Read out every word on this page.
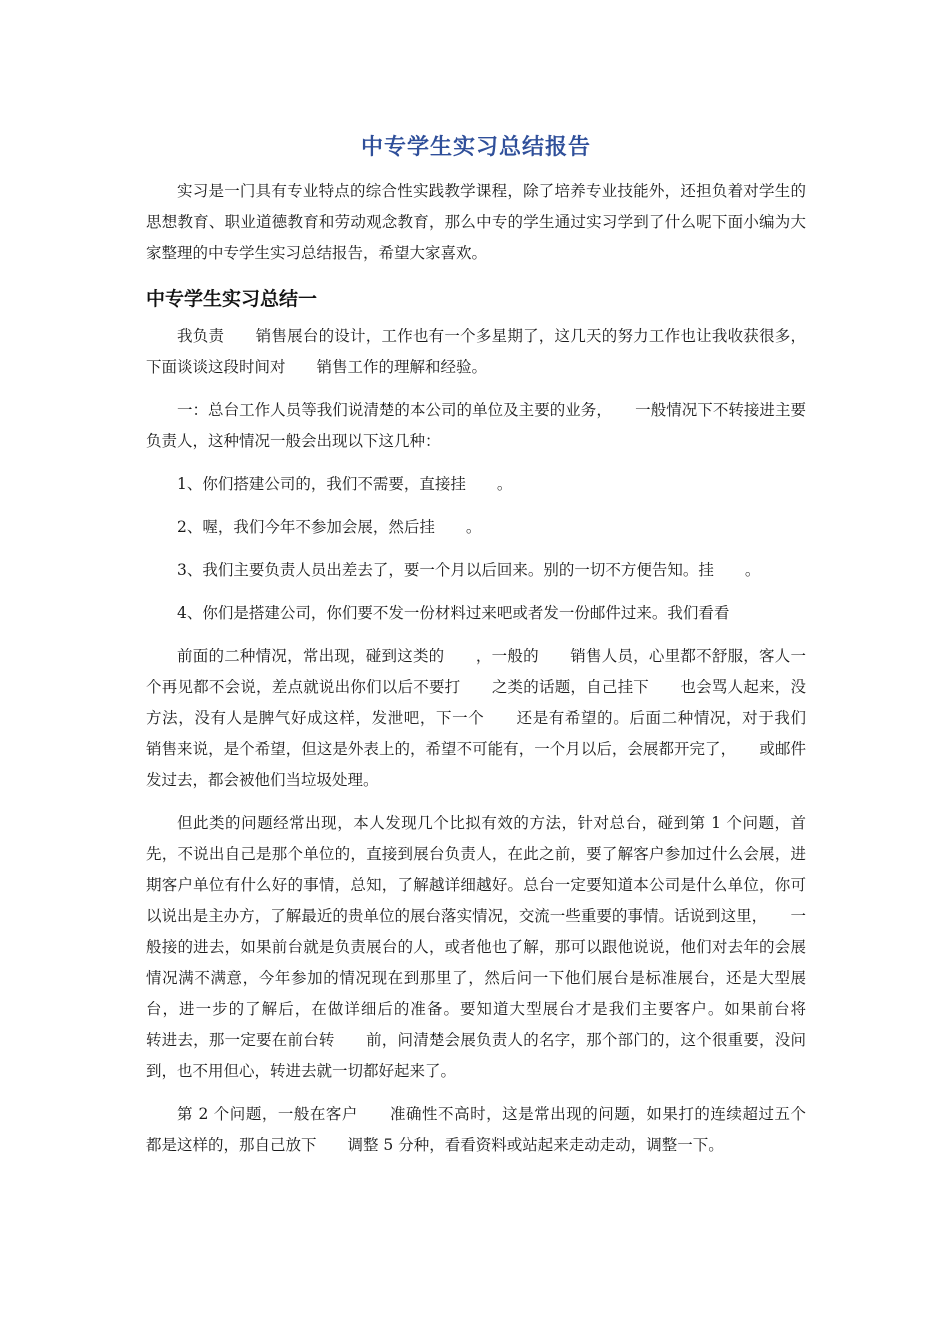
中专学生实习总结报告

实习是一门具有专业特点的综合性实践教学课程，除了培养专业技能外，还担负着对学生的思想教育、职业道德教育和劳动观念教育，那么中专的学生通过实习学到了什么呢下面小编为大家整理的中专学生实习总结报告，希望大家喜欢。

中专学生实习总结一

我负责　　销售展台的设计，工作也有一个多星期了，这几天的努力工作也让我收获很多，下面谈谈这段时间对　　销售工作的理解和经验。

一：总台工作人员等我们说清楚的本公司的单位及主要的业务，　　一般情况下不转接进主要负责人，这种情况一般会出现以下这几种：

1、你们搭建公司的，我们不需要，直接挂　　。

2、喔，我们今年不参加会展，然后挂　　。

3、我们主要负责人员出差去了，要一个月以后回来。别的一切不方便告知。挂　　。

4、你们是搭建公司，你们要不发一份材料过来吧或者发一份邮件过来。我们看看

前面的二种情况，常出现，碰到这类的　　，一般的　　销售人员，心里都不舒服，客人一个再见都不会说，差点就说出你们以后不要打　　之类的话题，自己挂下　　也会骂人起来，没方法，没有人是脾气好成这样，发泄吧，下一个　　还是有希望的。后面二种情况，对于我们　　销售来说，是个希望，但这是外表上的，希望不可能有，一个月以后，会展都开完了，　　或邮件发过去，都会被他们当垃圾处理。

但此类的问题经常出现，本人发现几个比拟有效的方法，针对总台，碰到第 1 个问题，首先，不说出自己是那个单位的，直接到展台负责人，在此之前，要了解客户参加过什么会展，进期客户单位有什么好的事情，总知，了解越详细越好。总台一定要知道本公司是什么单位，你可以说出是主办方，了解最近的贵单位的展台落实情况，交流一些重要的事情。话说到这里，　　一般接的进去，如果前台就是负责展台的人，或者他也了解，那可以跟他说说，他们对去年的会展情况满不满意，今年参加的情况现在到那里了，然后问一下他们展台是标准展台，还是大型展台，进一步的了解后，在做详细后的准备。要知道大型展台才是我们主要客户。如果前台将　　转进去，那一定要在前台转　　前，问清楚会展负责人的名字，那个部门的，这个很重要，没问到，也不用但心，转进去就一切都好起来了。

第 2 个问题，一般在客户　　准确性不高时，这是常出现的问题，如果打的连续超过五个　　都是这样的，那自己放下　　调整 5 分种，看看资料或站起来走动走动，调整一下。
